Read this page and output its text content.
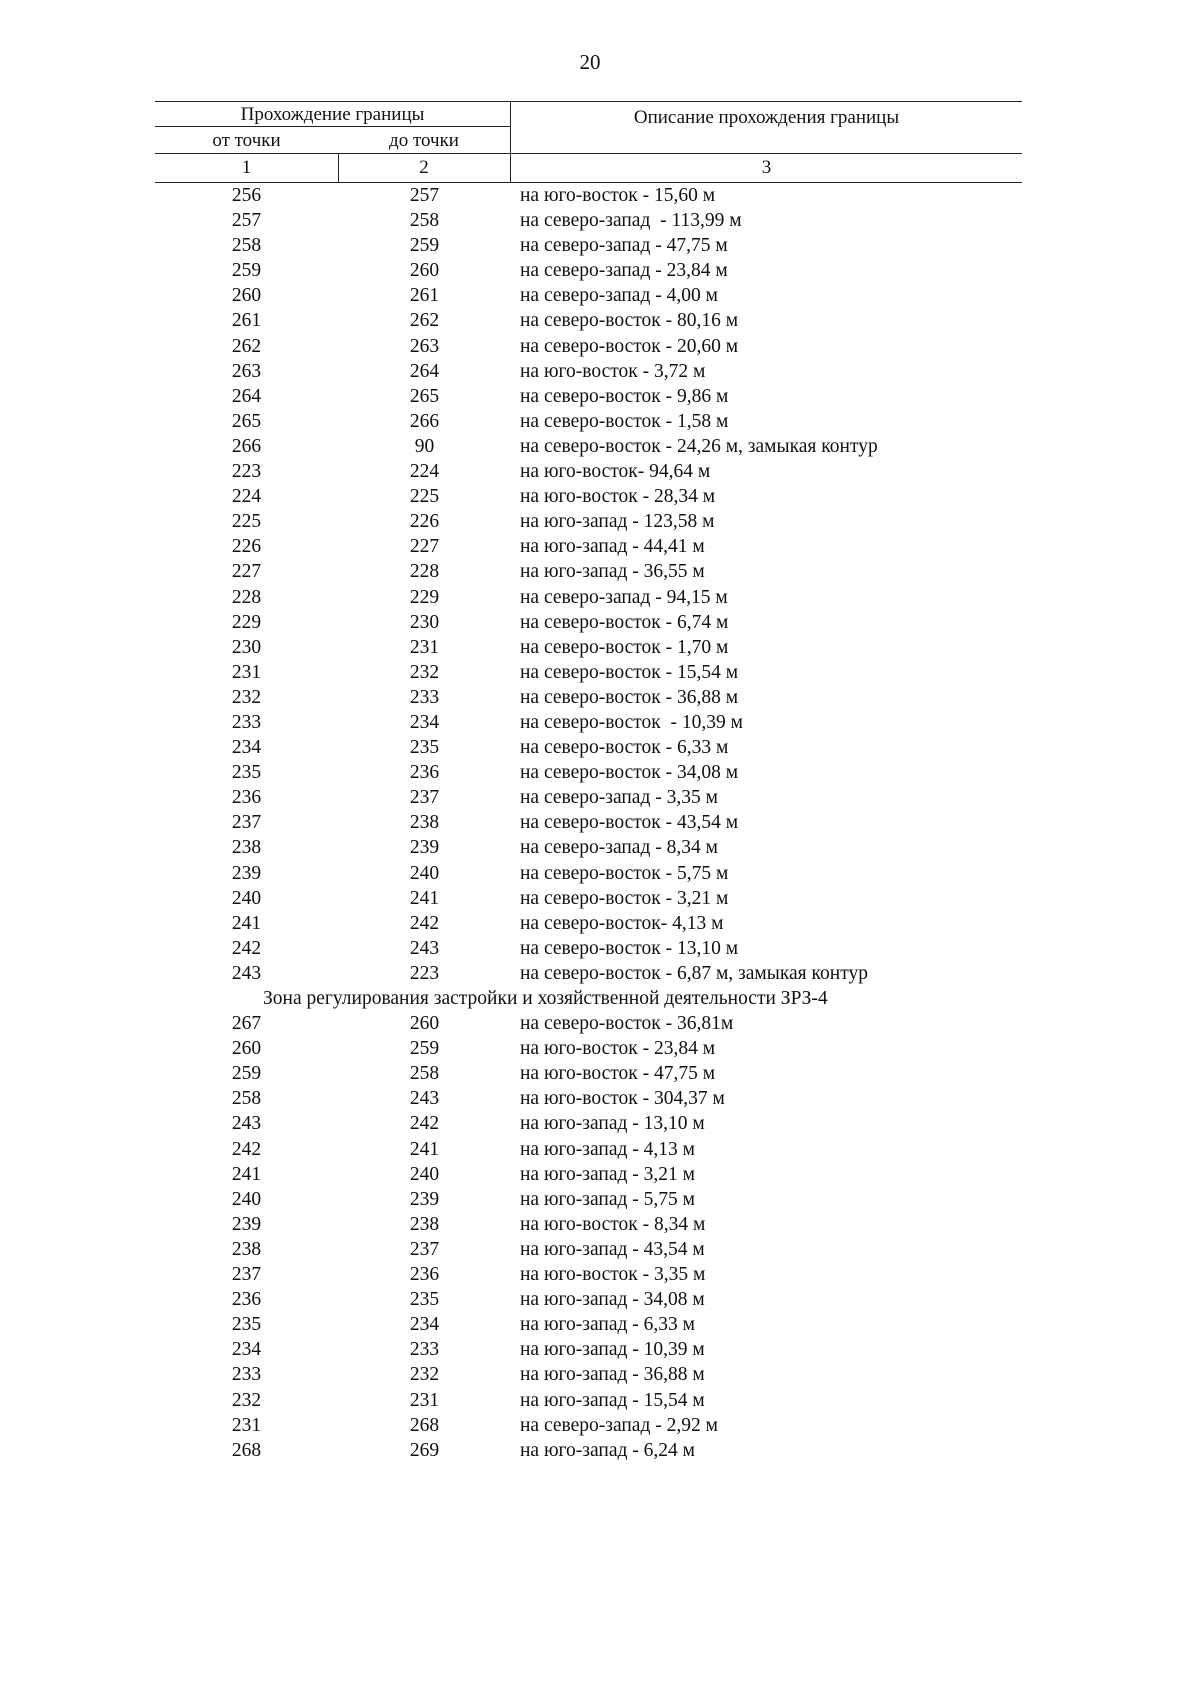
20
Прохождение границы
от точки	до точки
Описание прохождения границы
1	2	3
256	257	на юго-восток - 15,60 м
257	258	на северо-запад  - 113,99 м
258	259	на северо-запад - 47,75 м
259	260	на северо-запад - 23,84 м
260	261	на северо-запад - 4,00 м
261	262	на северо-восток - 80,16 м
262	263	на северо-восток - 20,60 м
263	264	на юго-восток - 3,72 м
264	265	на северо-восток - 9,86 м
265	266	на северо-восток - 1,58 м
266	90	на северо-восток - 24,26 м, замыкая контур
223	224	на юго-восток- 94,64 м
224	225	на юго-восток - 28,34 м
225	226	на юго-запад - 123,58 м
226	227	на юго-запад - 44,41 м
227	228	на юго-запад - 36,55 м
228	229	на северо-запад - 94,15 м
229	230	на северо-восток - 6,74 м
230	231	на северо-восток - 1,70 м
231	232	на северо-восток - 15,54 м
232	233	на северо-восток - 36,88 м
233	234	на северо-восток  - 10,39 м
234	235	на северо-восток - 6,33 м
235	236	на северо-восток - 34,08 м
236	237	на северо-запад - 3,35 м
237	238	на северо-восток - 43,54 м
238	239	на северо-запад - 8,34 м
239	240	на северо-восток - 5,75 м
240	241	на северо-восток - 3,21 м
241	242	на северо-восток- 4,13 м
242	243	на северо-восток - 13,10 м
243	223	на северо-восток - 6,87 м, замыкая контур
Зона регулирования застройки и хозяйственной деятельности ЗРЗ-4
267	260	на северо-восток - 36,81м
260	259	на юго-восток - 23,84 м
259	258	на юго-восток - 47,75 м
258	243	на юго-восток - 304,37 м
243	242	на юго-запад - 13,10 м
242	241	на юго-запад - 4,13 м
241	240	на юго-запад - 3,21 м
240	239	на юго-запад - 5,75 м
239	238	на юго-восток - 8,34 м
238	237	на юго-запад - 43,54 м
237	236	на юго-восток - 3,35 м
236	235	на юго-запад - 34,08 м
235	234	на юго-запад - 6,33 м
234	233	на юго-запад - 10,39 м
233	232	на юго-запад - 36,88 м
232	231	на юго-запад - 15,54 м
231	268	на северо-запад - 2,92 м
268	269	на юго-запад - 6,24 м
